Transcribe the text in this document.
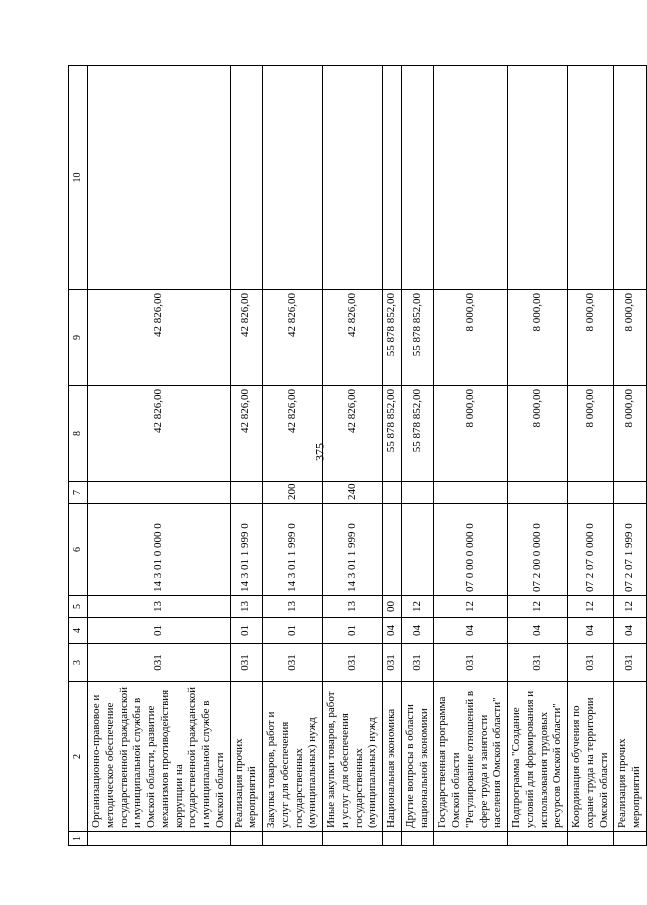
375
1	2	3	4	5	6	7	8	9	10
	Организационно-правовое и методическое обеспечение государственной гражданской и муниципальной службы в Омской области, развитие механизмов противодействия коррупции на государственной гражданской и муниципальной службе в Омской области	031	01	13	14 3 01 0 000 0		42 826,00	42 826,00	
	Реализация прочих мероприятий	031	01	13	14 3 01 1 999 0		42 826,00	42 826,00	
	Закупка товаров, работ и услуг для обеспечения государственных (муниципальных) нужд	031	01	13	14 3 01 1 999 0	200	42 826,00	42 826,00	
	Иные закупки товаров, работ и услуг для обеспечения государственных (муниципальных) нужд	031	01	13	14 3 01 1 999 0	240	42 826,00	42 826,00	
	Национальная экономика	031	04	00			55 878 852,00	55 878 852,00	
	Другие вопросы в области национальной экономики	031	04	12			55 878 852,00	55 878 852,00	
	Государственная программа Омской области "Регулирование отношений в сфере труда и занятости населения Омской области"	031	04	12	07 0 00 0 000 0		8 000,00	8 000,00	
	Подпрограмма "Создание условий для формирования и использования трудовых ресурсов Омской области"	031	04	12	07 2 00 0 000 0		8 000,00	8 000,00	
	Координация обучения по охране труда на территории Омской области	031	04	12	07 2 07 0 000 0		8 000,00	8 000,00	
	Реализация прочих мероприятий	031	04	12	07 2 07 1 999 0		8 000,00	8 000,00	
